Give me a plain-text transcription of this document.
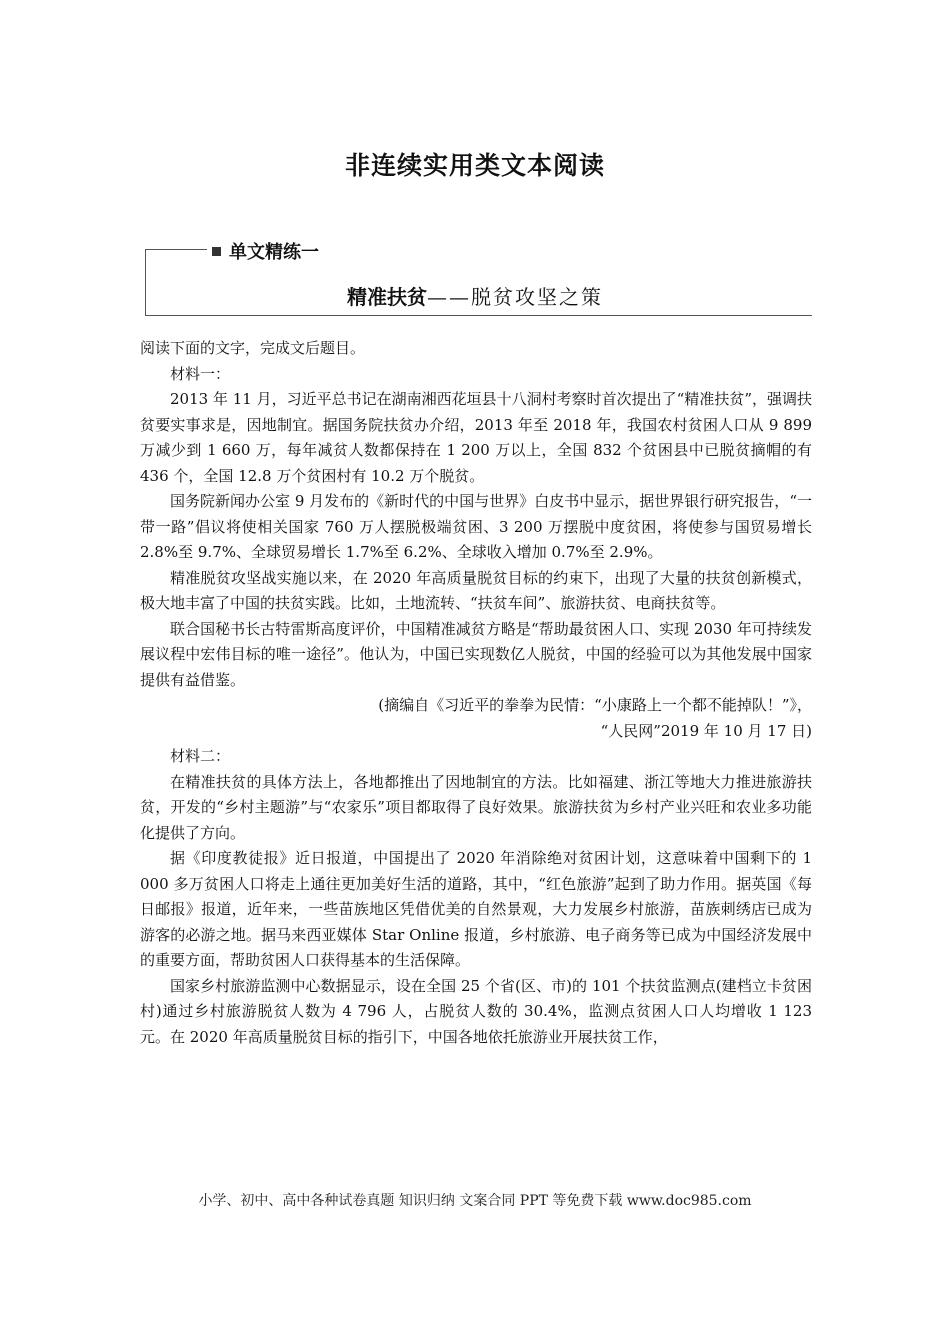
非连续实用类文本阅读
单文精练一
精准扶贫——脱贫攻坚之策

阅读下面的文字，完成文后题目。

材料一：

2013 年 11 月，习近平总书记在湖南湘西花垣县十八洞村考察时首次提出了“精准扶贫”，强调扶贫要实事求是，因地制宜。据国务院扶贫办介绍，2013 年至 2018 年，我国农村贫困人口从 9 899 万减少到 1 660 万，每年减贫人数都保持在 1 200 万以上，全国 832 个贫困县中已脱贫摘帽的有 436 个，全国 12.8 万个贫困村有 10.2 万个脱贫。

国务院新闻办公室 9 月发布的《新时代的中国与世界》白皮书中显示，据世界银行研究报告，“一带一路”倡议将使相关国家 760 万人摆脱极端贫困、3 200 万摆脱中度贫困，将使参与国贸易增长 2.8%至 9.7%、全球贸易增长 1.7%至 6.2%、全球收入增加 0.7%至 2.9%。

精准脱贫攻坚战实施以来，在 2020 年高质量脱贫目标的约束下，出现了大量的扶贫创新模式，极大地丰富了中国的扶贫实践。比如，土地流转、“扶贫车间”、旅游扶贫、电商扶贫等。

联合国秘书长古特雷斯高度评价，中国精准减贫方略是“帮助最贫困人口、实现 2030 年可持续发展议程中宏伟目标的唯一途径”。他认为，中国已实现数亿人脱贫，中国的经验可以为其他发展中国家提供有益借鉴。

(摘编自《习近平的拳拳为民情：“小康路上一个都不能掉队！”》，
“人民网”2019 年 10 月 17 日)

材料二：

在精准扶贫的具体方法上，各地都推出了因地制宜的方法。比如福建、浙江等地大力推进旅游扶贫，开发的“乡村主题游”与“农家乐”项目都取得了良好效果。旅游扶贫为乡村产业兴旺和农业多功能化提供了方向。

据《印度教徒报》近日报道，中国提出了 2020 年消除绝对贫困计划，这意味着中国剩下的 1 000 多万贫困人口将走上通往更加美好生活的道路，其中，“红色旅游”起到了助力作用。据英国《每日邮报》报道，近年来，一些苗族地区凭借优美的自然景观，大力发展乡村旅游，苗族刺绣店已成为游客的必游之地。据马来西亚媒体 Star Online 报道，乡村旅游、电子商务等已成为中国经济发展中的重要方面，帮助贫困人口获得基本的生活保障。

国家乡村旅游监测中心数据显示，设在全国 25 个省(区、市)的 101 个扶贫监测点(建档立卡贫困村)通过乡村旅游脱贫人数为 4 796 人，占脱贫人数的 30.4%，监测点贫困人口人均增收 1 123 元。在 2020 年高质量脱贫目标的指引下，中国各地依托旅游业开展扶贫工作，

小学、初中、高中各种试卷真题 知识归纳 文案合同 PPT 等免费下载 www.doc985.com
